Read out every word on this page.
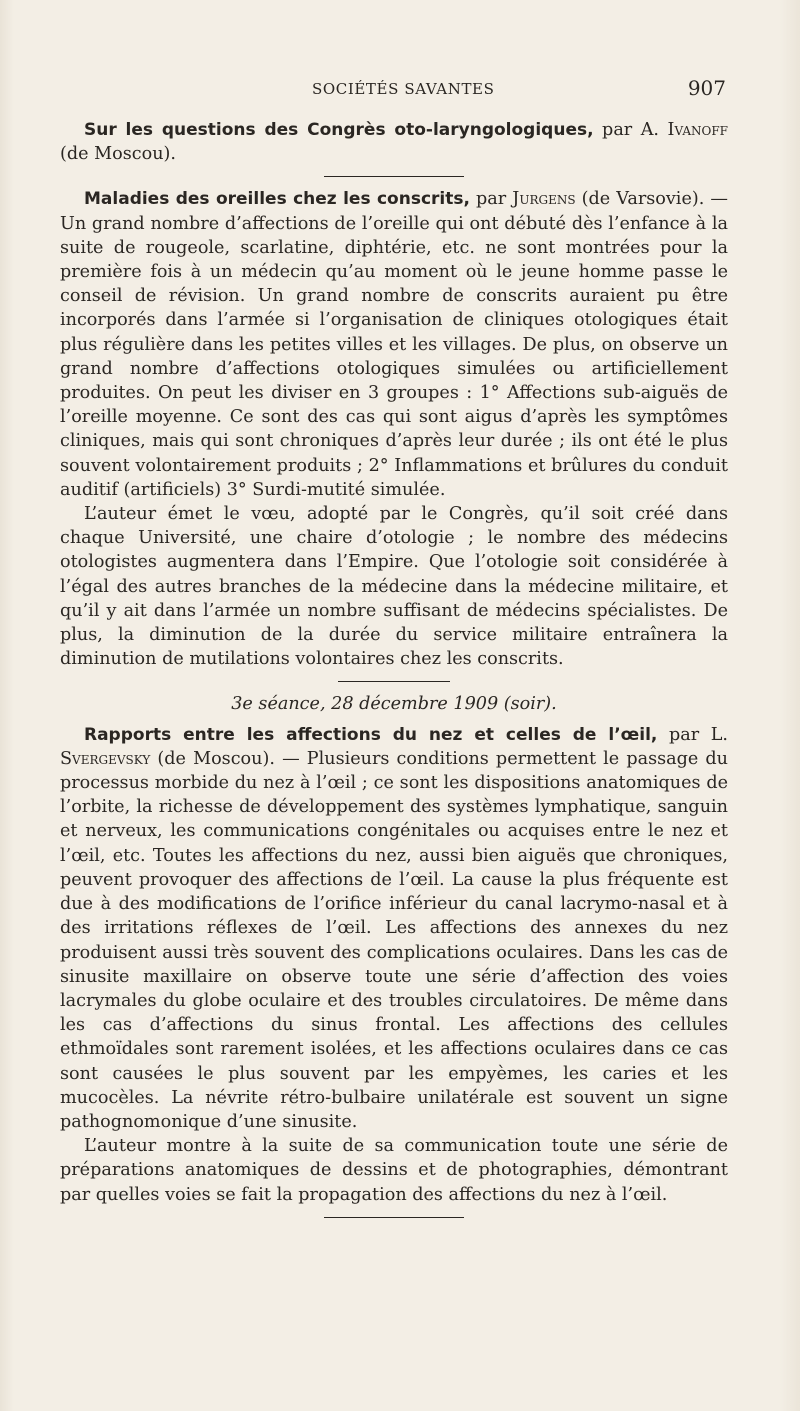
SOCIÉTÉS SAVANTES	907

Sur les questions des Congrès oto-laryngologiques, par A. Ivanoff (de Moscou).

Maladies des oreilles chez les conscrits, par Jurgens (de Varsovie). — Un grand nombre d’affections de l’oreille qui ont débuté dès l’enfance à la suite de rougeole, scarlatine, diphtérie, etc. ne sont montrées pour la première fois à un médecin qu’au moment où le jeune homme passe le conseil de révision. Un grand nombre de conscrits auraient pu être incorporés dans l’armée si l’organisation de cliniques otologiques était plus régulière dans les petites villes et les villages. De plus, on observe un grand nombre d’affections otologiques simulées ou artificiellement produites. On peut les diviser en 3 groupes : 1° Affections sub-aiguës de l’oreille moyenne. Ce sont des cas qui sont aigus d’après les symptômes cliniques, mais qui sont chroniques d’après leur durée ; ils ont été le plus souvent volontairement produits ; 2° Inflammations et brûlures du conduit auditif (artificiels) 3° Surdi-mutité simulée.

L’auteur émet le vœu, adopté par le Congrès, qu’il soit créé dans chaque Université, une chaire d’otologie ; le nombre des médecins otologistes augmentera dans l’Empire. Que l’otologie soit considérée à l’égal des autres branches de la médecine dans la médecine militaire, et qu’il y ait dans l’armée un nombre suffisant de médecins spécialistes. De plus, la diminution de la durée du service militaire entraînera la diminution de mutilations volontaires chez les conscrits.

3e séance, 28 décembre 1909 (soir).

Rapports entre les affections du nez et celles de l’œil, par L. Svergevsky (de Moscou). — Plusieurs conditions permettent le passage du processus morbide du nez à l’œil ; ce sont les dispositions anatomiques de l’orbite, la richesse de développement des systèmes lymphatique, sanguin et nerveux, les communications congénitales ou acquises entre le nez et l’œil, etc. Toutes les affections du nez, aussi bien aiguës que chroniques, peuvent provoquer des affections de l’œil. La cause la plus fréquente est due à des modifications de l’orifice inférieur du canal lacrymo-nasal et à des irritations réflexes de l’œil. Les affections des annexes du nez produisent aussi très souvent des complications oculaires. Dans les cas de sinusite maxillaire on observe toute une série d’affection des voies lacrymales du globe oculaire et des troubles circulatoires. De même dans les cas d’affections du sinus frontal. Les affections des cellules ethmoïdales sont rarement isolées, et les affections oculaires dans ce cas sont causées le plus souvent par les empyèmes, les caries et les mucocèles. La névrite rétro-bulbaire unilatérale est souvent un signe pathognomonique d’une sinusite.

L’auteur montre à la suite de sa communication toute une série de préparations anatomiques de dessins et de photographies, démontrant par quelles voies se fait la propagation des affections du nez à l’œil.
